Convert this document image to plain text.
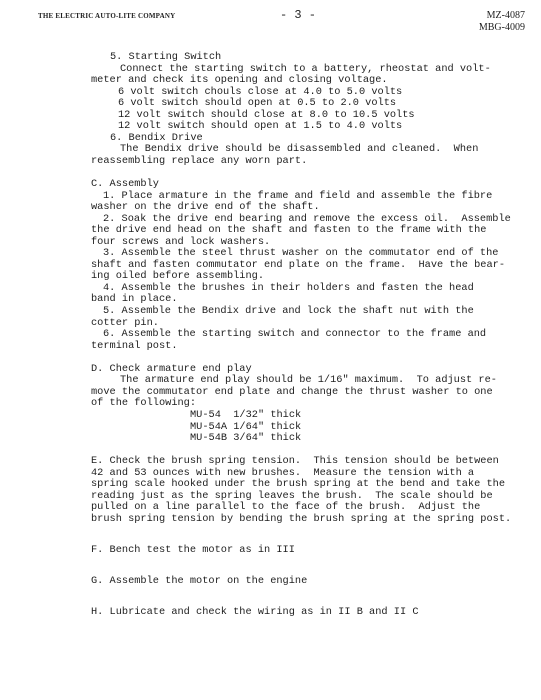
THE ELECTRIC AUTO-LITE COMPANY	- 3 -	MZ-4087
MBG-4009
5. Starting Switch
Connect the starting switch to a battery, rheostat and volt-
meter and check its opening and closing voltage.
6 volt switch chouls close at 4.0 to 5.0 volts
6 volt switch should open at 0.5 to 2.0 volts
12 volt switch should close at 8.0 to 10.5 volts
12 volt switch should open at 1.5 to 4.0 volts
6. Bendix Drive
The Bendix drive should be disassembled and cleaned.  When
reassembling replace any worn part.
C. Assembly
1. Place armature in the frame and field and assemble the fibre
washer on the drive end of the shaft.
2. Soak the drive end bearing and remove the excess oil.  Assemble
the drive end head on the shaft and fasten to the frame with the
four screws and lock washers.
3. Assemble the steel thrust washer on the commutator end of the
shaft and fasten commutator end plate on the frame.  Have the bear-
ing oiled before assembling.
4. Assemble the brushes in their holders and fasten the head
band in place.
5. Assemble the Bendix drive and lock the shaft nut with the
cotter pin.
6. Assemble the starting switch and connector to the frame and
terminal post.
D. Check armature end play
The armature end play should be 1/16" maximum.  To adjust re-
move the commutator end plate and change the thrust washer to one
of the following:
MU-54  1/32" thick
MU-54A 1/64" thick
MU-54B 3/64" thick
E. Check the brush spring tension.  This tension should be between
42 and 53 ounces with new brushes.  Measure the tension with a
spring scale hooked under the brush spring at the bend and take the
reading just as the spring leaves the brush.  The scale should be
pulled on a line parallel to the face of the brush.  Adjust the
brush spring tension by bending the brush spring at the spring post.
F. Bench test the motor as in III
G. Assemble the motor on the engine
H. Lubricate and check the wiring as in II B and II C
